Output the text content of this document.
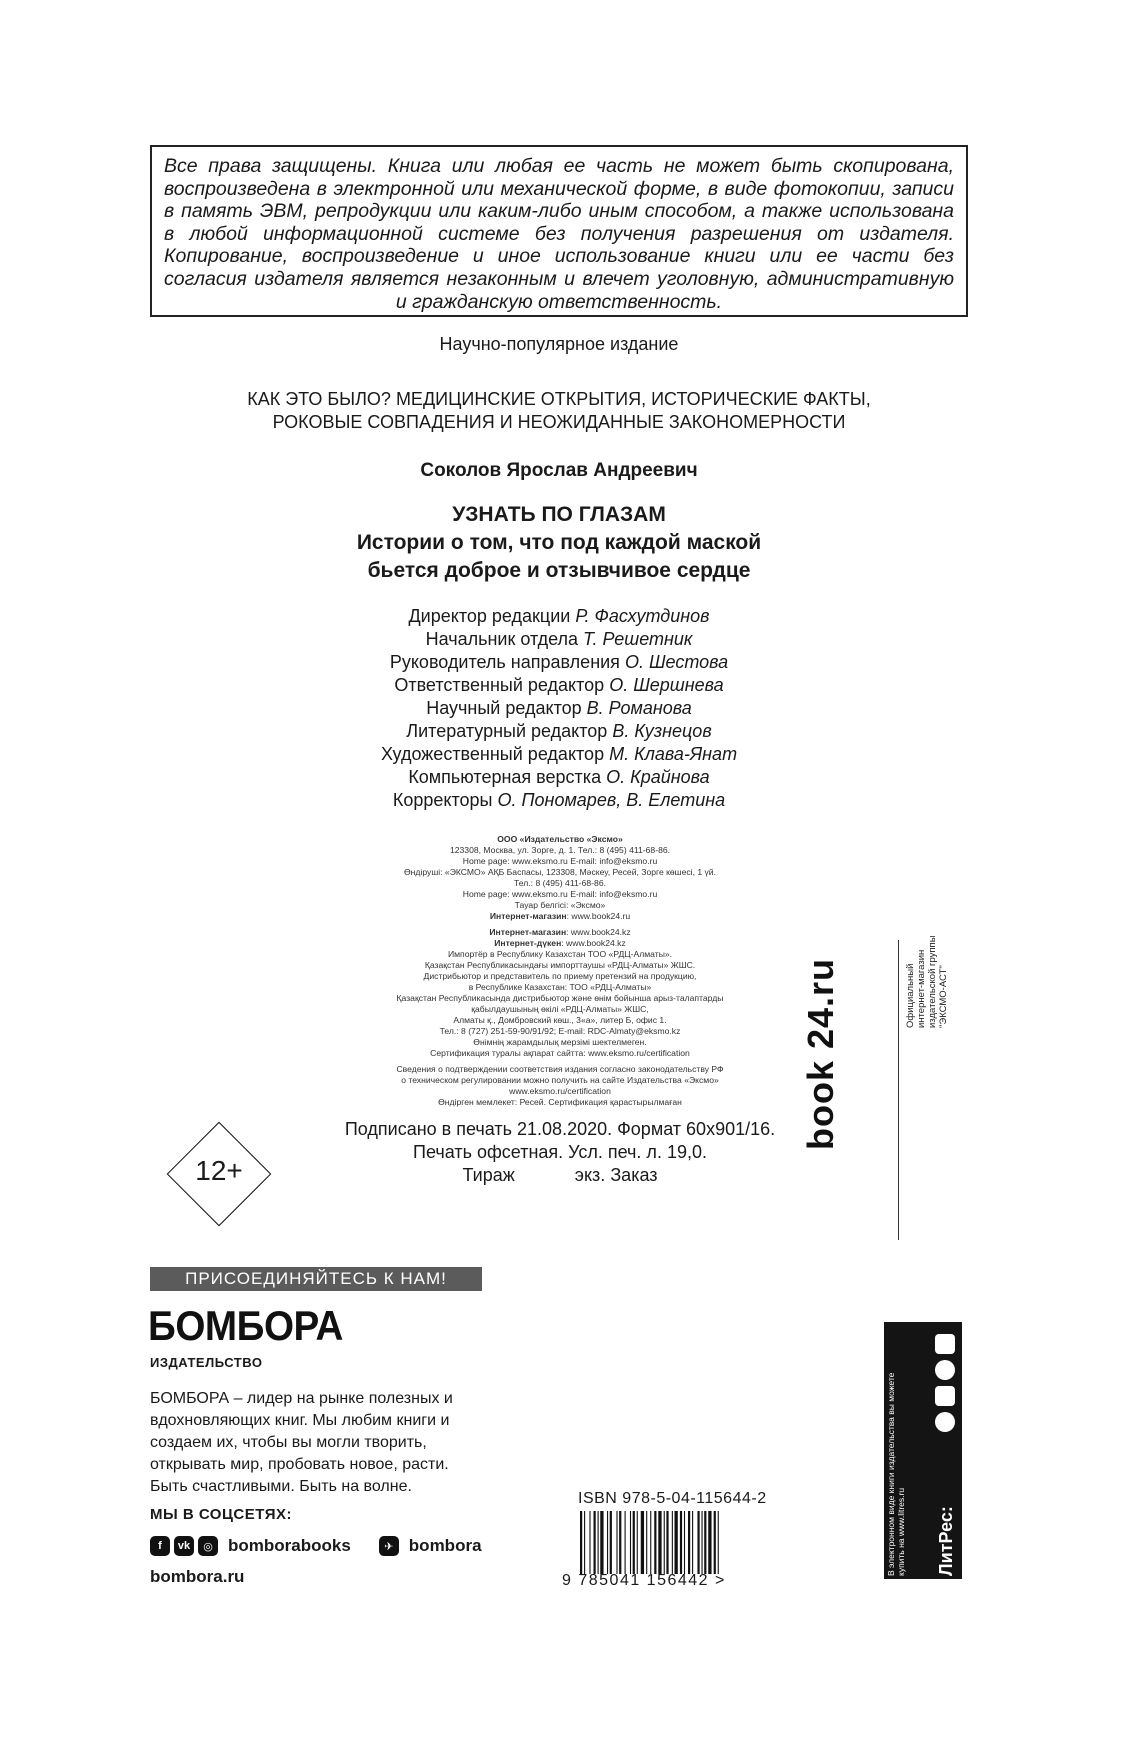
Все права защищены. Книга или любая ее часть не может быть скопирована, воспроизведена в электронной или механической форме, в виде фотокопии, записи в память ЭВМ, репродукции или каким-либо иным способом, а также использована в любой информационной системе без получения разрешения от издателя. Копирование, воспроизведение и иное использование книги или ее части без согласия издателя является незаконным и влечет уголовную, административную и гражданскую ответственность.

Научно-популярное издание
КАК ЭТО БЫЛО? МЕДИЦИНСКИЕ ОТКРЫТИЯ, ИСТОРИЧЕСКИЕ ФАКТЫ,
РОКОВЫЕ СОВПАДЕНИЯ И НЕОЖИДАННЫЕ ЗАКОНОМЕРНОСТИ
Соколов Ярослав Андреевич
УЗНАТЬ ПО ГЛАЗАМ
Истории о том, что под каждой маской
бьется доброе и отзывчивое сердце

Директор редакции Р. Фасхутдинов

Начальник отдела Т. Решетник

Руководитель направления О. Шестова

Ответственный редактор О. Шершнева

Научный редактор В. Романова

Литературный редактор В. Кузнецов

Художественный редактор М. Клава-Янат

Компьютерная верстка О. Крайнова

Корректоры О. Пономарев, В. Елетина

ООО «Издательство «Эксмо»

123308, Москва, ул. Зорге, д. 1. Тел.: 8 (495) 411-68-86.

Home page: www.eksmo.ru E-mail: info@eksmo.ru

Өндіруші: «ЭКСМО» АҚБ Баспасы, 123308, Мәскеу, Ресей, Зорге көшесі, 1 үй.

Тел.: 8 (495) 411-68-86.

Home page: www.eksmo.ru E-mail: info@eksmo.ru

Тауар белгісі: «Эксмо»

Интернет-магазин: www.book24.ru

Интернет-магазин: www.book24.kz

Интернет-дүкен: www.book24.kz

Импортёр в Республику Казахстан ТОО «РДЦ-Алматы».

Қазақстан Республикасындағы импорттаушы «РДЦ-Алматы» ЖШС.

Дистрибьютор и представитель по приему претензий на продукцию,

в Республике Казахстан: ТОО «РДЦ-Алматы»

Қазақстан Республикасында дистрибьютор және өнім бойынша арыз-талаптарды

қабылдаушының өкілі «РДЦ-Алматы» ЖШС,

Алматы қ., Домбровский көш., 3«а», литер Б, офис 1.

Тел.: 8 (727) 251-59-90/91/92; E-mail: RDC-Almaty@eksmo.kz

Өнімнің жарамдылық мерзімі шектелмеген.

Сертификация туралы ақпарат сайтта: www.eksmo.ru/certification

Сведения о подтверждении соответствия издания согласно законодательству РФ

о техническом регулировании можно получить на сайте Издательства «Эксмо»

www.eksmo.ru/certification

Өндірген мемлекет: Ресей. Сертификация қарастырылмаған

12+

Подписано в печать 21.08.2020. Формат 60х901/16.

Печать офсетная. Усл. печ. л. 19,0.

Тираж	экз. Заказ

book 24.ru	Официальный интернет-магазин издательской группы "ЭКСМО-АСТ"
ПРИСОЕДИНЯЙТЕСЬ К НАМ!
БОМБОРА
ИЗДАТЕЛЬСТВО

БОМБОРА – лидер на рынке полезных и вдохновляющих книг. Мы любим книги и создаем их, чтобы вы могли творить, открывать мир, пробовать новое, расти. Быть счастливыми. Быть на волне.

МЫ В СОЦСЕТЯХ:
f	vk	◎ bomborabooks	✈ bombora
bombora.ru
ISBN 978-5-04-115644-2
9 785041 156442 >
В электронном виде книги издательства вы можете купить на www.litres.ru ЛитРес:
